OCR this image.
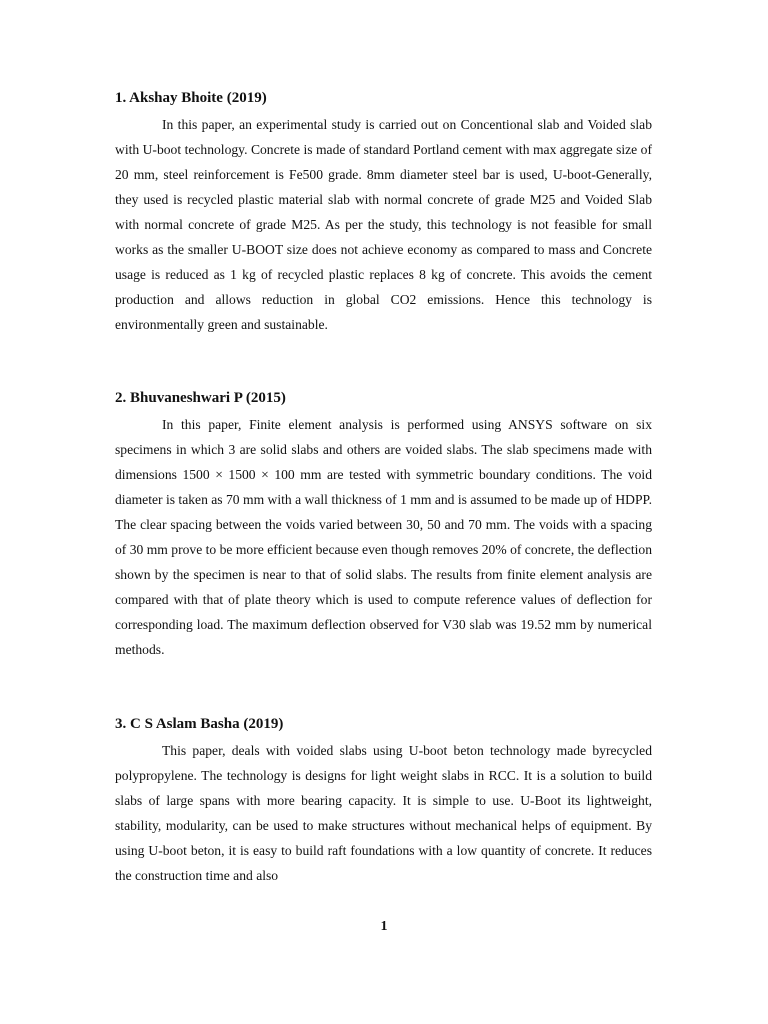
1. Akshay Bhoite (2019)

In this paper, an experimental study is carried out on Concentional slab and Voided slab with U-boot technology. Concrete is made of standard Portland cement with max aggregate size of 20 mm, steel reinforcement is Fe500 grade. 8mm diameter steel bar is used, U-boot-Generally, they used is recycled plastic material slab with normal concrete of grade M25 and Voided Slab with normal concrete of grade M25. As per the study, this technology is not feasible for small works as the smaller U-BOOT size does not achieve economy as compared to mass and Concrete usage is reduced as 1 kg of recycled plastic replaces 8 kg of concrete. This avoids the cement production and allows reduction in global CO2 emissions. Hence this technology is environmentally green and sustainable.

2. Bhuvaneshwari P (2015)

In this paper, Finite element analysis is performed using ANSYS software on six specimens in which 3 are solid slabs and others are voided slabs. The slab specimens made with dimensions 1500 × 1500 × 100 mm are tested with symmetric boundary conditions. The void diameter is taken as 70 mm with a wall thickness of 1 mm and is assumed to be made up of HDPP. The clear spacing between the voids varied between 30, 50 and 70 mm. The voids with a spacing of 30 mm prove to be more efficient because even though removes 20% of concrete, the deflection shown by the specimen is near to that of solid slabs. The results from finite element analysis are compared with that of plate theory which is used to compute reference values of deflection for corresponding load. The maximum deflection observed for V30 slab was 19.52 mm by numerical methods.

3. C S Aslam Basha (2019)

This paper, deals with voided slabs using U-boot beton technology made byrecycled polypropylene. The technology is designs for light weight slabs in RCC. It is a solution to build slabs of large spans with more bearing capacity. It is simple to use. U-Boot its lightweight, stability, modularity, can be used to make structures without mechanical helps of equipment. By using U-boot beton, it is easy to build raft foundations with a low quantity of concrete. It reduces the construction time and also

1
